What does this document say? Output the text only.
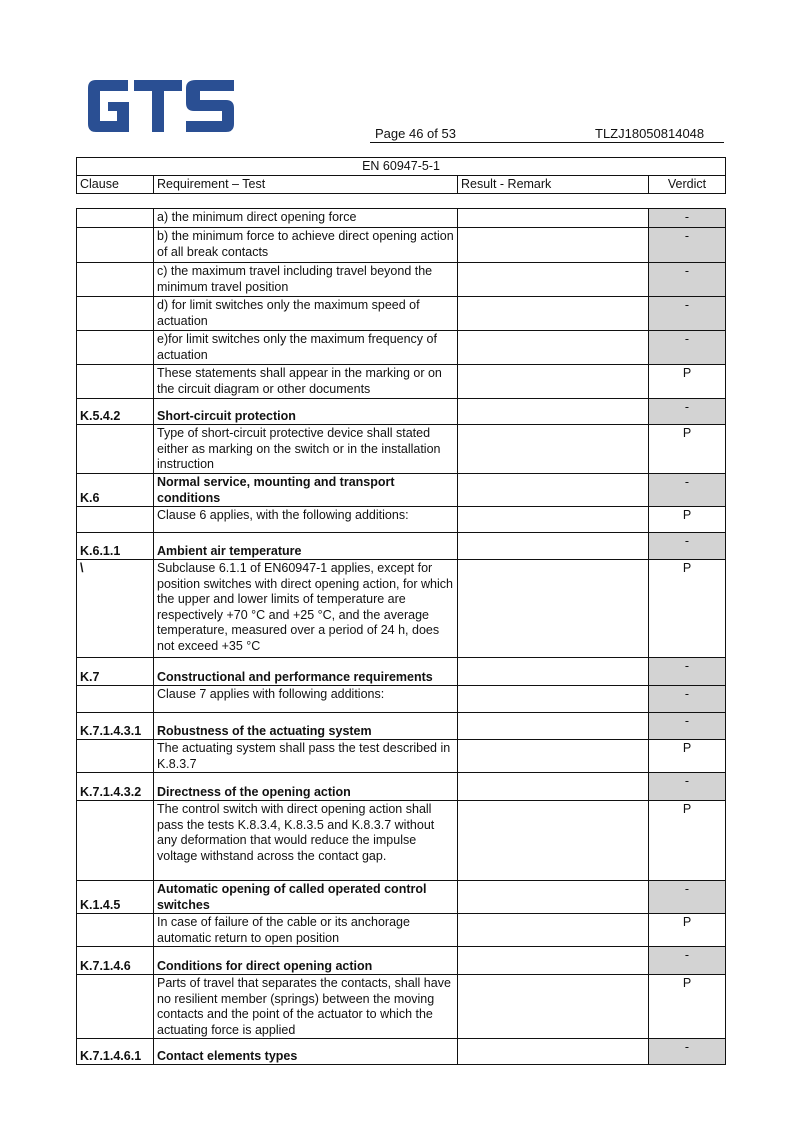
Page 46 of 53	TLZJ18050814048
EN 60947-5-1
Clause	Requirement – Test	Result - Remark	Verdict
	a) the minimum direct opening force		-
	b) the minimum force to achieve direct opening action of all break contacts		-
	c) the maximum travel including travel beyond the minimum travel position		-
	d) for limit switches only the maximum speed of actuation		-
	e)for limit switches only the maximum frequency of actuation		-
	These statements shall appear in the marking or on the circuit diagram or other documents		P
K.5.4.2	Short-circuit protection		-
	Type of short-circuit protective device shall stated either as marking on the switch or in the installation instruction		P
K.6	Normal service, mounting and transport conditions		-
	Clause 6 applies, with the following additions:		P
K.6.1.1	Ambient air temperature		-
\	Subclause 6.1.1 of EN60947-1 applies, except for position switches with direct opening action, for which the upper and lower limits of temperature are respectively +70 °C and +25 °C, and the average temperature, measured over a period of 24 h, does not exceed +35 °C		P
K.7	Constructional and performance requirements		-
	Clause 7 applies with following additions:		-
K.7.1.4.3.1	Robustness of the actuating system		-
	The actuating system shall pass the test described in K.8.3.7		P
K.7.1.4.3.2	Directness of the opening action		-
	The control switch with direct opening action shall pass the tests K.8.3.4, K.8.3.5 and K.8.3.7 without any deformation that would reduce the impulse voltage withstand across the contact gap.		P
K.1.4.5	Automatic opening of called operated control switches		-
	In case of failure of the cable or its anchorage automatic return to open position		P
K.7.1.4.6	Conditions for direct opening action		-
	Parts of travel that separates the contacts, shall have no resilient member (springs) between the moving contacts and the point of the actuator to which the actuating force is applied		P
K.7.1.4.6.1	Contact elements types		-
